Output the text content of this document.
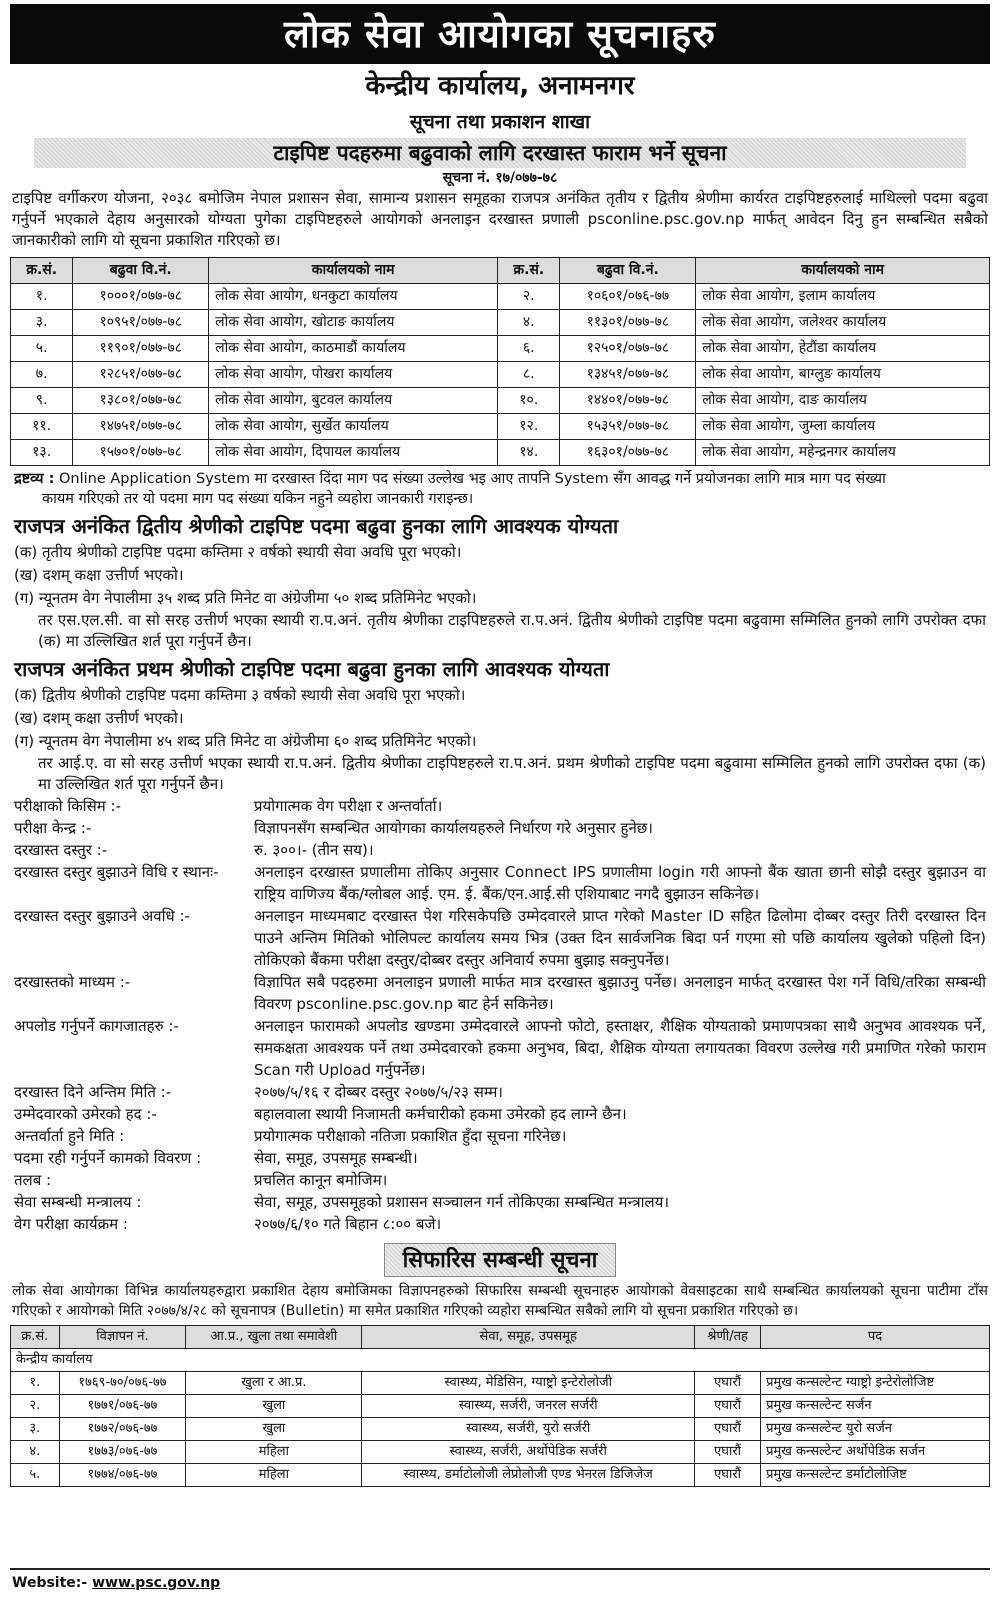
लोक सेवा आयोगका सूचनाहरु
केन्द्रीय कार्यालय, अनामनगर
सूचना तथा प्रकाशन शाखा
टाइपिष्ट पदहरुमा बढुवाको लागि दरखास्त फाराम भर्ने सूचना
सूचना नं. १७/०७७-७८
टाइपिष्ट वर्गीकरण योजना, २०३८ बमोजिम नेपाल प्रशासन सेवा, सामान्य प्रशासन समूहका राजपत्र अनंकित तृतीय र द्वितीय श्रेणीमा कार्यरत टाइपिष्टहरुलाई माथिल्लो पदमा बढुवा गर्नुपर्ने भएकाले देहाय अनुसारको योग्यता पुगेका टाइपिष्टहरुले आयोगको अनलाइन दरखास्त प्रणाली psconline.psc.gov.np मार्फत् आवेदन दिनु हुन सम्बन्धित सबैको जानकारीको लागि यो सूचना प्रकाशित गरिएको छ।
क्र.सं.	बढुवा वि.नं.	कार्यालयको नाम	क्र.सं.	बढुवा वि.नं.	कार्यालयको नाम
१.	१०००१/०७७-७८	लोक सेवा आयोग, धनकुटा कार्यालय	२.	१०६०१/०७६-७७	लोक सेवा आयोग, इलाम कार्यालय
३.	१०९५१/०७७-७८	लोक सेवा आयोग, खोटाङ कार्यालय	४.	११३०१/०७७-७८	लोक सेवा आयोग, जलेश्वर कार्यालय
५.	११९०१/०७७-७८	लोक सेवा आयोग, काठमाडौं कार्यालय	६.	१२५०१/०७७-७८	लोक सेवा आयोग, हेटौंडा कार्यालय
७.	१२८५१/०७७-७८	लोक सेवा आयोग, पोखरा कार्यालय	८.	१३४५१/०७७-७८	लोक सेवा आयोग, बाग्लुङ कार्यालय
९.	१३८०१/०७७-७८	लोक सेवा आयोग, बुटवल कार्यालय	१०.	१४४०१/०७७-७८	लोक सेवा आयोग, दाङ कार्यालय
११.	१४७५१/०७७-७८	लोक सेवा आयोग, सुर्खेत कार्यालय	१२.	१५३५१/०७७-७८	लोक सेवा आयोग, जुम्ला कार्यालय
१३.	१५७०१/०७७-७८	लोक सेवा आयोग, दिपायल कार्यालय	१४.	१६३०१/०७७-७८	लोक सेवा आयोग, महेन्द्रनगर कार्यालय
द्रष्टव्य : Online Application System मा दरखास्त दिंदा माग पद संख्या उल्लेख भइ आए तापनि System सँग आवद्ध गर्ने प्रयोजनका लागि मात्र माग पद संख्या
कायम गरिएको तर यो पदमा माग पद संख्या यकिन नहुने व्यहोरा जानकारी गराइन्छ।
राजपत्र अनंकित द्वितीय श्रेणीको टाइपिष्ट पदमा बढुवा हुनका लागि आवश्यक योग्यता
(क) तृतीय श्रेणीको टाइपिष्ट पदमा कम्तिमा २ वर्षको स्थायी सेवा अवधि पूरा भएको।
(ख) दशम् कक्षा उत्तीर्ण भएको।
(ग) न्यूनतम वेग नेपालीमा ३५ शब्द प्रति मिनेट वा अंग्रेजीमा ५० शब्द प्रतिमिनेट भएको।
तर एस.एल.सी. वा सो सरह उत्तीर्ण भएका स्थायी रा.प.अनं. तृतीय श्रेणीका टाइपिष्टहरुले रा.प.अनं. द्वितीय श्रेणीको टाइपिष्ट पदमा बढुवामा सम्मिलित हुनको लागि उपरोक्त दफा (क) मा उल्लिखित शर्त पूरा गर्नुपर्ने छैन।
राजपत्र अनंकित प्रथम श्रेणीको टाइपिष्ट पदमा बढुवा हुनका लागि आवश्यक योग्यता
(क) द्वितीय श्रेणीको टाइपिष्ट पदमा कम्तिमा ३ वर्षको स्थायी सेवा अवधि पूरा भएको।
(ख) दशम् कक्षा उत्तीर्ण भएको।
(ग) न्यूनतम वेग नेपालीमा ४५ शब्द प्रति मिनेट वा अंग्रेजीमा ६० शब्द प्रतिमिनेट भएको।
तर आई.ए. वा सो सरह उत्तीर्ण भएका स्थायी रा.प.अनं. द्वितीय श्रेणीका टाइपिष्टहरुले रा.प.अनं. प्रथम श्रेणीको टाइपिष्ट पदमा बढुवामा सम्मिलित हुनको लागि उपरोक्त दफा (क) मा उल्लिखित शर्त पूरा गर्नुपर्ने छैन।
परीक्षाको किसिम :-	प्रयोगात्मक वेग परीक्षा र अन्तर्वार्ता।
परीक्षा केन्द्र :-	विज्ञापनसँग सम्बन्धित आयोगका कार्यालयहरुले निर्धारण गरे अनुसार हुनेछ।
दरखास्त दस्तुर :-	रु. ३००।- (तीन सय)।
दरखास्त दस्तुर बुझाउने विधि र स्थानः-	अनलाइन दरखास्त प्रणालीमा तोकिए अनुसार Connect IPS प्रणालीमा login गरी आफ्नो बैंक खाता छानी सोझै दस्तुर बुझाउन वा राष्ट्रिय वाणिज्य बैंक/ग्लोबल आई. एम. ई. बैंक/एन.आई.सी एशियाबाट नगदै बुझाउन सकिनेछ।
दरखास्त दस्तुर बुझाउने अवधि :-	अनलाइन माध्यमबाट दरखास्त पेश गरिसकेपछि उम्मेदवारले प्राप्त गरेको Master ID सहित ढिलोमा दोब्बर दस्तुर तिरी दरखास्त दिन पाउने अन्तिम मितिको भोलिपल्ट कार्यालय समय भित्र (उक्त दिन सार्वजनिक बिदा पर्न गएमा सो पछि कार्यालय खुलेको पहिलो दिन) तोकिएको बैंकमा परीक्षा दस्तुर/दोब्बर दस्तुर अनिवार्य रुपमा बुझाइ सक्नुपर्नेछ।
दरखास्तको माध्यम :-	विज्ञापित सबै पदहरुमा अनलाइन प्रणाली मार्फत मात्र दरखास्त बुझाउनु पर्नेछ। अनलाइन मार्फत् दरखास्त पेश गर्ने विधि/तरिका सम्बन्धी विवरण psconline.psc.gov.np बाट हेर्न सकिनेछ।
अपलोड गर्नुपर्ने कागजातहरु :-	अनलाइन फारामको अपलोड खण्डमा उम्मेदवारले आफ्नो फोटो, हस्ताक्षर, शैक्षिक योग्यताको प्रमाणपत्रका साथै अनुभव आवश्यक पर्ने, समकक्षता आवश्यक पर्ने तथा उम्मेदवारको हकमा अनुभव, बिदा, शैक्षिक योग्यता लगायतका विवरण उल्लेख गरी प्रमाणित गरेको फाराम Scan गरी Upload गर्नुपर्नेछ।
दरखास्त दिने अन्तिम मिति :-	२०७७/५/१६ र दोब्बर दस्तुर २०७७/५/२३ सम्म।
उम्मेदवारको उमेरको हद :-	बहालवाला स्थायी निजामती कर्मचारीको हकमा उमेरको हद लाग्ने छैन।
अन्तर्वार्ता हुने मिति :	प्रयोगात्मक परीक्षाको नतिजा प्रकाशित हुँदा सूचना गरिनेछ।
पदमा रही गर्नुपर्ने कामको विवरण :	सेवा, समूह, उपसमूह सम्बन्धी।
तलब :	प्रचलित कानून बमोजिम।
सेवा सम्बन्धी मन्त्रालय :	सेवा, समूह, उपसमूहको प्रशासन सञ्चालन गर्न तोकिएका सम्बन्धित मन्त्रालय।
वेग परीक्षा कार्यक्रम :	२०७७/६/१० गते बिहान ८:०० बजे।
सिफारिस सम्बन्धी सूचना
लोक सेवा आयोगका विभिन्न कार्यालयहरुद्वारा प्रकाशित देहाय बमोजिमका विज्ञापनहरुको सिफारिस सम्बन्धी सूचनाहरु आयोगको वेवसाइटका साथै सम्बन्धित कार्यालयको सूचना पाटीमा टाँस गरिएको र आयोगको मिति २०७७/४/२८ को सूचनापत्र (Bulletin) मा समेत प्रकाशित गरिएको व्यहोरा सम्बन्धित सबैको लागि यो सूचना प्रकाशित गरिएको छ।
क्र.सं.	विज्ञापन नं.	आ.प्र., खुला तथा समावेशी	सेवा, समूह, उपसमूह	श्रेणी/तह	पद
केन्द्रीय कार्यालय					
१.	१७६९-७०/०७६-७७	खुला र आ.प्र.	स्वास्थ्य, मेडिसिन, ग्याष्ट्रो इन्टेरोलोजी	एघारौं	प्रमुख कन्सल्टेन्ट ग्याष्ट्रो इन्टेरोलोजिष्ट
२.	१७७१/०७६-७७	खुला	स्वास्थ्य, सर्जरी, जनरल सर्जरी	एघारौं	प्रमुख कन्सल्टेन्ट सर्जन
३.	१७७२/०७६-७७	खुला	स्वास्थ्य, सर्जरी, युरो सर्जरी	एघारौं	प्रमुख कन्सल्टेन्ट युरो सर्जन
४.	१७७३/०७६-७७	महिला	स्वास्थ्य, सर्जरी, अर्थोपेडिक सर्जरी	एघारौं	प्रमुख कन्सल्टेन्ट अर्थोपेडिक सर्जन
५.	१७७४/०७६-७७	महिला	स्वास्थ्य, डर्माटोलोजी लेप्रोलोजी एण्ड भेनरल डिजिजेज	एघारौं	प्रमुख कन्सल्टेन्ट डर्माटोलोजिष्ट
Website:- www.psc.gov.np
